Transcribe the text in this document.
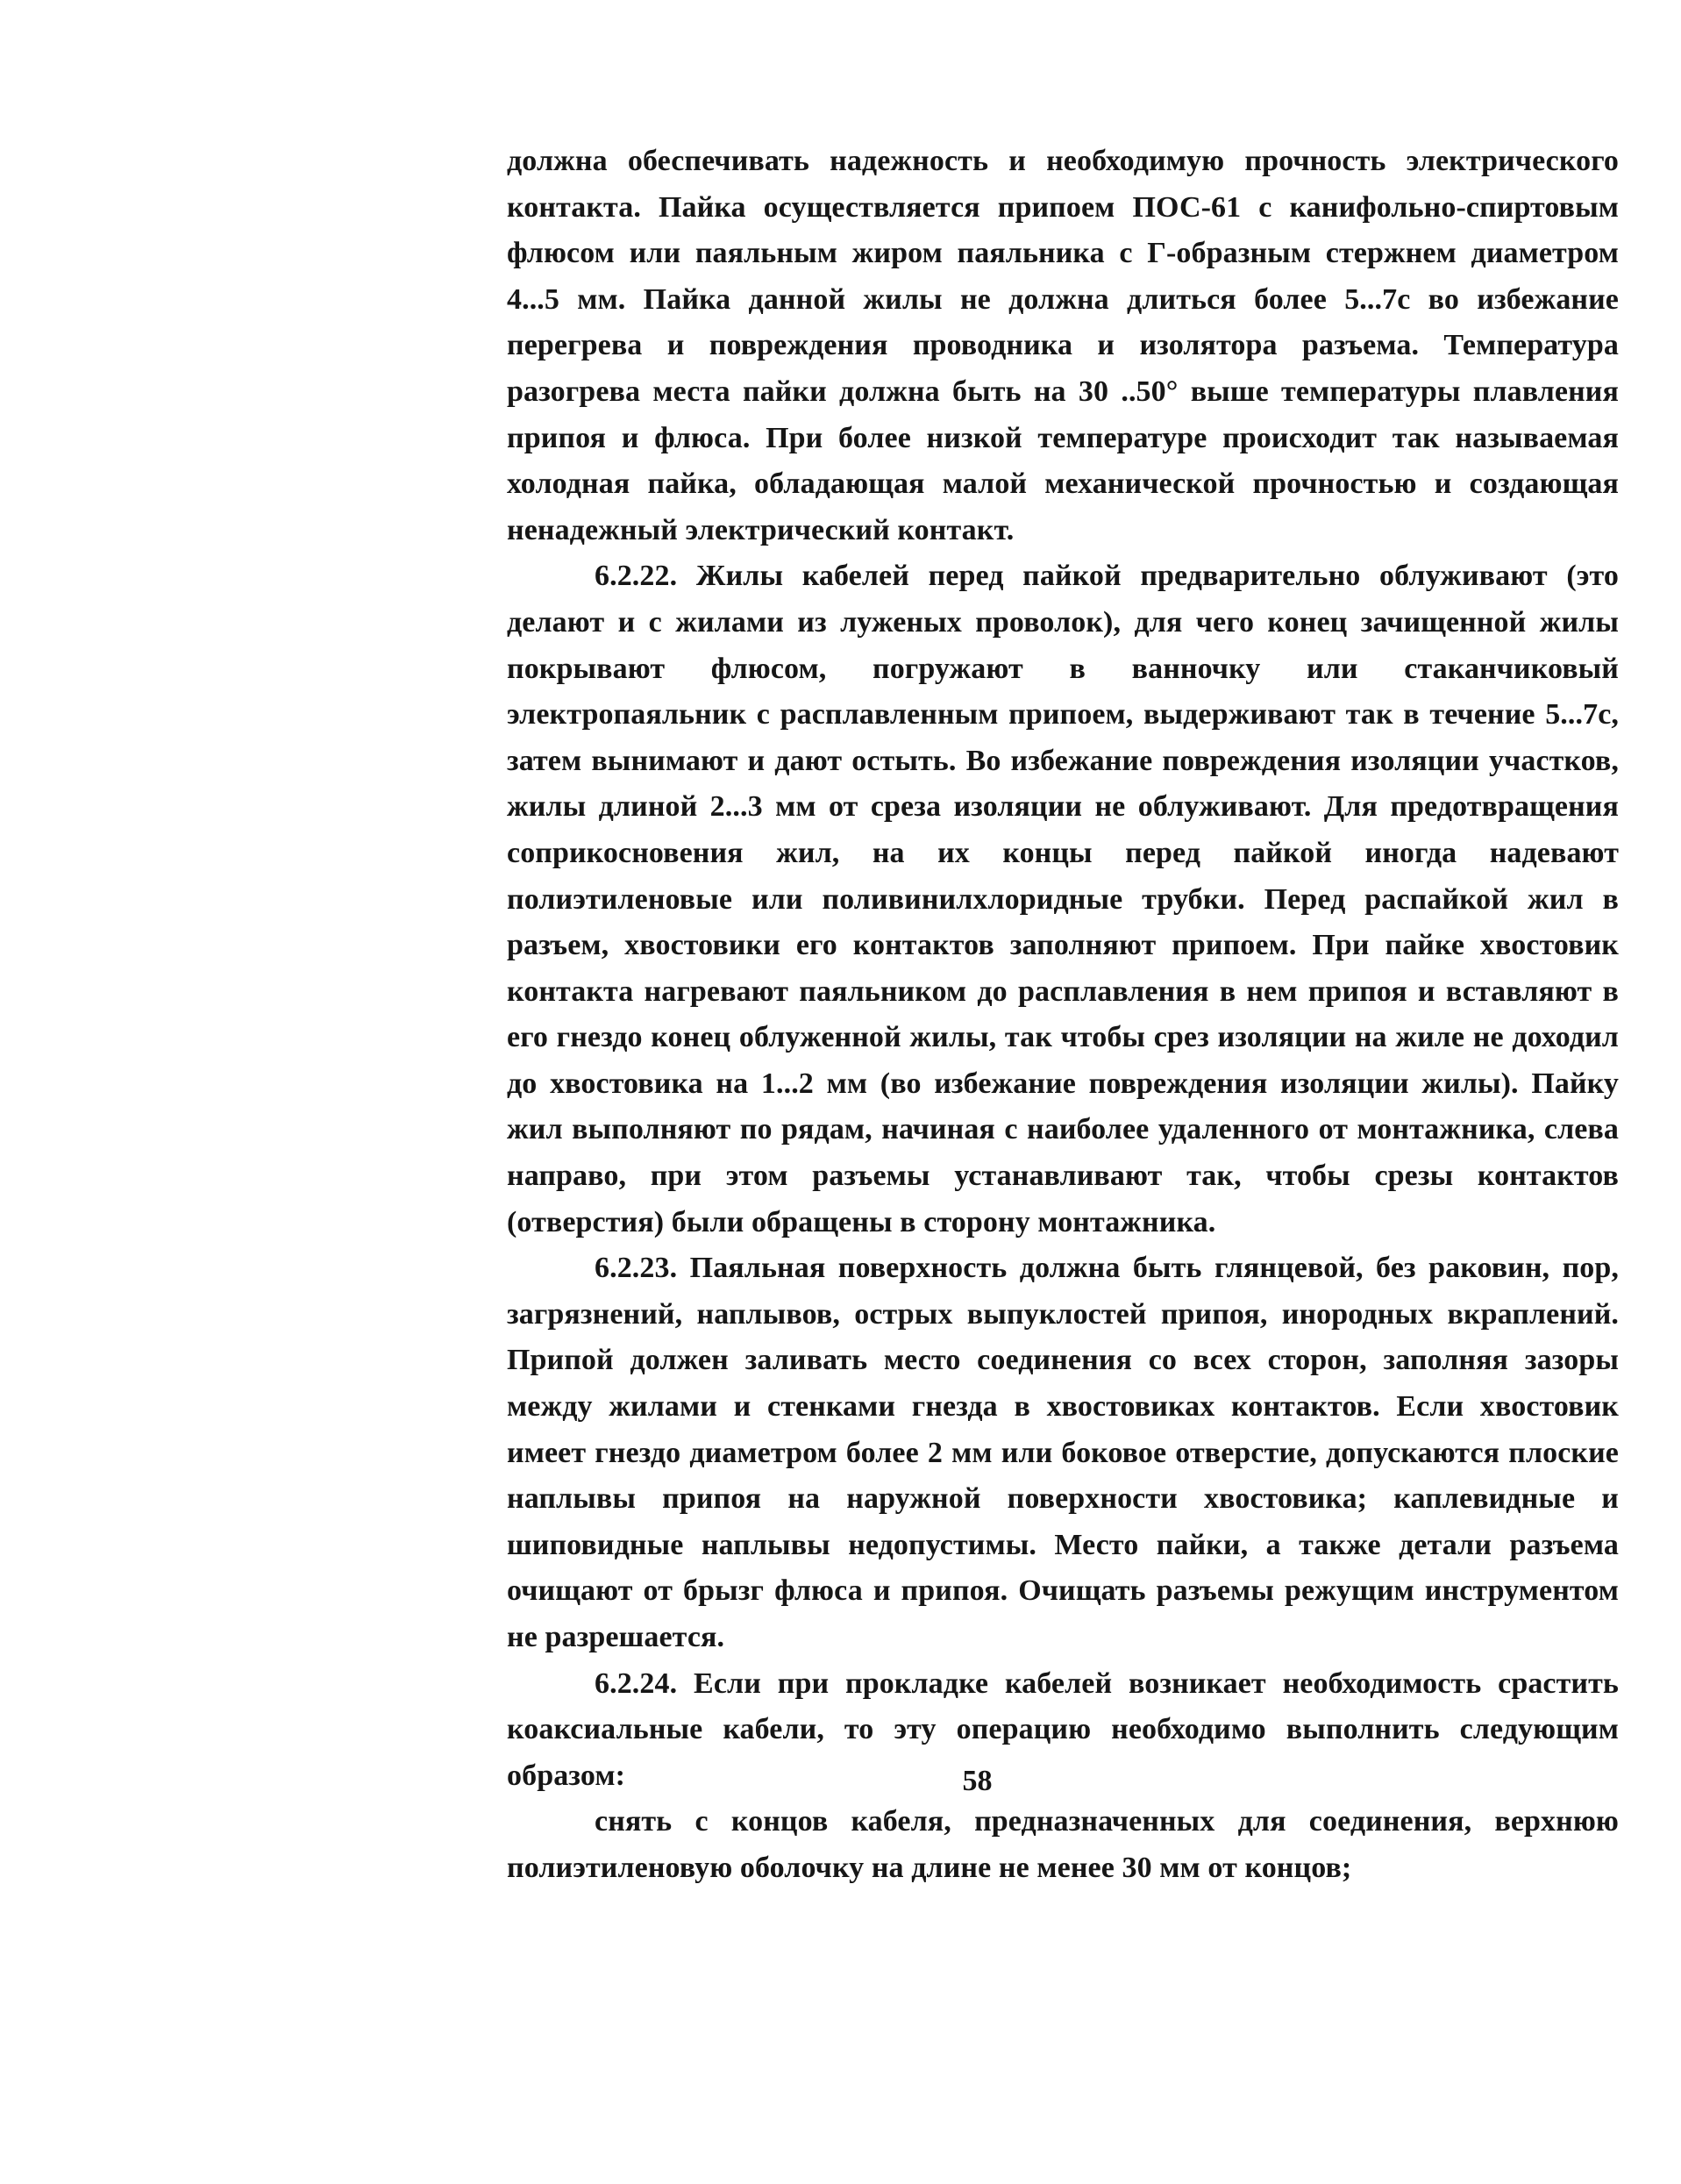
должна обеспечивать надежность и необходимую прочность электрического контакта. Пайка осуществляется припоем ПОС-61 с канифольно-спиртовым флюсом или паяльным жиром паяльника с Г-образным стержнем диаметром 4...5 мм. Пайка данной жилы не должна длиться более 5...7с во избежание перегрева и повреждения проводника и изолятора разъема. Температура разогрева места пайки должна быть на 30 ..50° выше температуры плавления припоя и флюса. При более низкой температуре происходит так называемая холодная пайка, обладающая малой механической прочностью и создающая ненадежный электрический контакт.

6.2.22. Жилы кабелей перед пайкой предварительно облуживают (это делают и с жилами из луженых проволок), для чего конец зачищенной жилы покрывают флюсом, погружают в ванночку или стаканчиковый электропаяльник с расплавленным припоем, выдерживают так в течение 5...7с, затем вынимают и дают остыть. Во избежание повреждения изоляции участков, жилы длиной 2...3 мм от среза изоляции не облуживают. Для предотвращения соприкосновения жил, на их концы перед пайкой иногда надевают полиэтиленовые или поливинилхлоридные трубки. Перед распайкой жил в разъем, хвостовики его контактов заполняют припоем. При пайке хвостовик контакта нагревают паяльником до расплавления в нем припоя и вставляют в его гнездо конец облуженной жилы, так чтобы срез изоляции на жиле не доходил до хвостовика на 1...2 мм (во избежание повреждения изоляции жилы). Пайку жил выполняют по рядам, начиная с наиболее удаленного от монтажника, слева направо, при этом разъемы устанавливают так, чтобы срезы контактов (отверстия) были обращены в сторону монтажника.

6.2.23. Паяльная поверхность должна быть глянцевой, без раковин, пор, загрязнений, наплывов, острых выпуклостей припоя, инородных вкраплений. Припой должен заливать место соединения со всех сторон, заполняя зазоры между жилами и стенками гнезда в хвостовиках контактов. Если хвостовик имеет гнездо диаметром более 2 мм или боковое отверстие, допускаются плоские наплывы припоя на наружной поверхности хвостовика; каплевидные и шиповидные наплывы недопустимы. Место пайки, а также детали разъема очищают от брызг флюса и припоя. Очищать разъемы режущим инструментом не разрешается.

6.2.24. Если при прокладке кабелей возникает необходимость срастить коаксиальные кабели, то эту операцию необходимо выполнить следующим образом:

снять с концов кабеля, предназначенных для соединения, верхнюю полиэтиленовую оболочку на длине не менее 30 мм от концов;

58
